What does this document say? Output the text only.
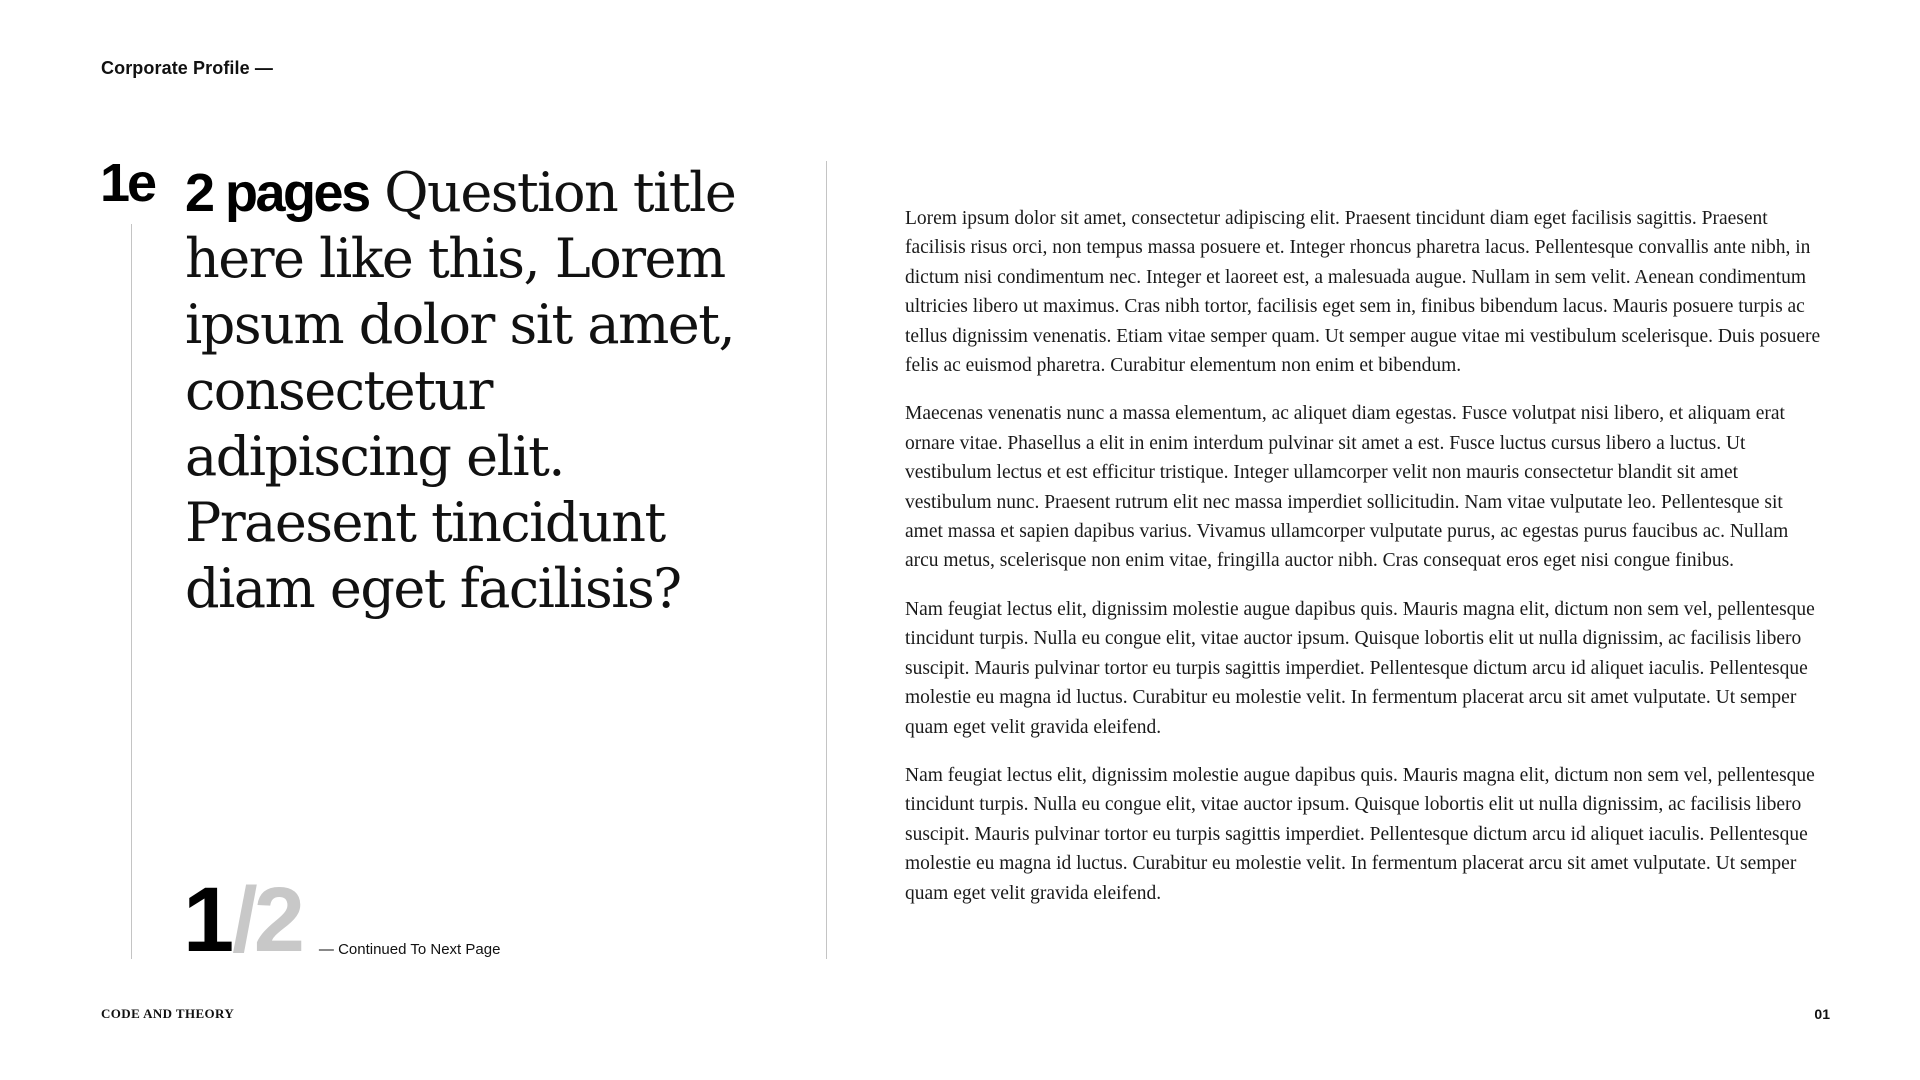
Corporate Profile —
1e 2 pages Question title here like this, Lorem ipsum dolor sit amet, consectetur adipiscing elit. Praesent tincidunt diam eget facilisis?
1 / 2 — Continued To Next Page

Lorem ipsum dolor sit amet, consectetur adipiscing elit. Praesent tincidunt diam eget facilisis sagittis. Praesent facilisis risus orci, non tempus massa posuere et. Integer rhoncus pharetra lacus. Pellentesque convallis ante nibh, in dictum nisi condimentum nec. Integer et laoreet est, a malesuada augue. Nullam in sem velit. Aenean condimentum ultricies libero ut maximus. Cras nibh tortor, facilisis eget sem in, finibus bibendum lacus. Mauris posuere turpis ac tellus dignissim venenatis. Etiam vitae semper quam. Ut semper augue vitae mi vestibulum scelerisque. Duis posuere felis ac euismod pharetra. Curabitur elementum non enim et bibendum.

Maecenas venenatis nunc a massa elementum, ac aliquet diam egestas. Fusce volutpat nisi libero, et aliquam erat ornare vitae. Phasellus a elit in enim interdum pulvinar sit amet a est. Fusce luctus cursus libero a luctus. Ut vestibulum lectus et est efficitur tristique. Integer ullamcorper velit non mauris consectetur blandit sit amet vestibulum nunc. Praesent rutrum elit nec massa imperdiet sollicitudin. Nam vitae vulputate leo. Pellentesque sit amet massa et sapien dapibus varius. Vivamus ullamcorper vulputate purus, ac egestas purus faucibus ac. Nullam arcu metus, scelerisque non enim vitae, fringilla auctor nibh. Cras consequat eros eget nisi congue finibus.

Nam feugiat lectus elit, dignissim molestie augue dapibus quis. Mauris magna elit, dictum non sem vel, pellentesque tincidunt turpis. Nulla eu congue elit, vitae auctor ipsum. Quisque lobortis elit ut nulla dignissim, ac facilisis libero suscipit. Mauris pulvinar tortor eu turpis sagittis imperdiet. Pellentesque dictum arcu id aliquet iaculis. Pellentesque molestie eu magna id luctus. Curabitur eu molestie velit. In fermentum placerat arcu sit amet vulputate. Ut semper quam eget velit gravida eleifend.

Nam feugiat lectus elit, dignissim molestie augue dapibus quis. Mauris magna elit, dictum non sem vel, pellentesque tincidunt turpis. Nulla eu congue elit, vitae auctor ipsum. Quisque lobortis elit ut nulla dignissim, ac facilisis libero suscipit. Mauris pulvinar tortor eu turpis sagittis imperdiet. Pellentesque dictum arcu id aliquet iaculis. Pellentesque molestie eu magna id luctus. Curabitur eu molestie velit. In fermentum placerat arcu sit amet vulputate. Ut semper quam eget velit gravida eleifend.

CODE AND THEORY	01
